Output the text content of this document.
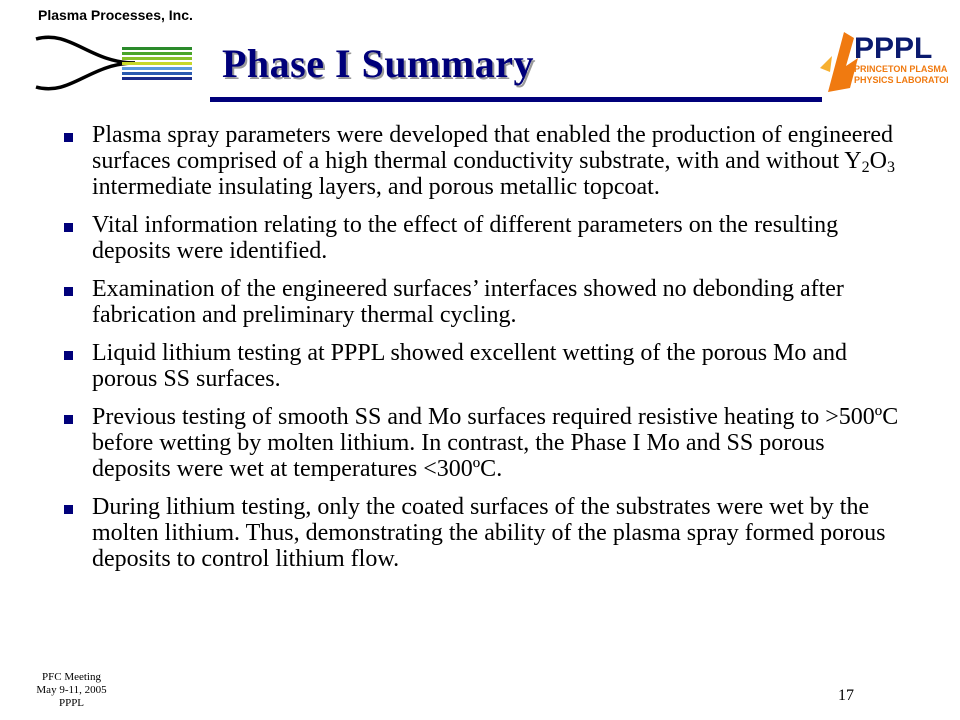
Plasma Processes, Inc.
Phase I Summary	PPPL
PRINCETON PLASMA
PHYSICS LABORATORY
Plasma spray parameters were developed that enabled the production of engineered surfaces comprised of a high thermal conductivity substrate, with and without $Y_2O_3$ intermediate insulating layers, and porous metallic topcoat.
Vital information relating to the effect of different parameters on the resulting deposits were identified.
Examination of the engineered surfaces’ interfaces showed no debonding after fabrication and preliminary thermal cycling.
Liquid lithium testing at PPPL showed excellent wetting of the porous Mo and porous SS surfaces.
Previous testing of smooth SS and Mo surfaces required resistive heating to >500ºC before wetting by molten lithium. In contrast, the Phase I Mo and SS porous deposits were wet at temperatures <300ºC.
During lithium testing, only the coated surfaces of the substrates were wet by the molten lithium. Thus, demonstrating the ability of the plasma spray formed porous deposits to control lithium flow.
PFC Meeting
May 9-11, 2005
PPPL	17
